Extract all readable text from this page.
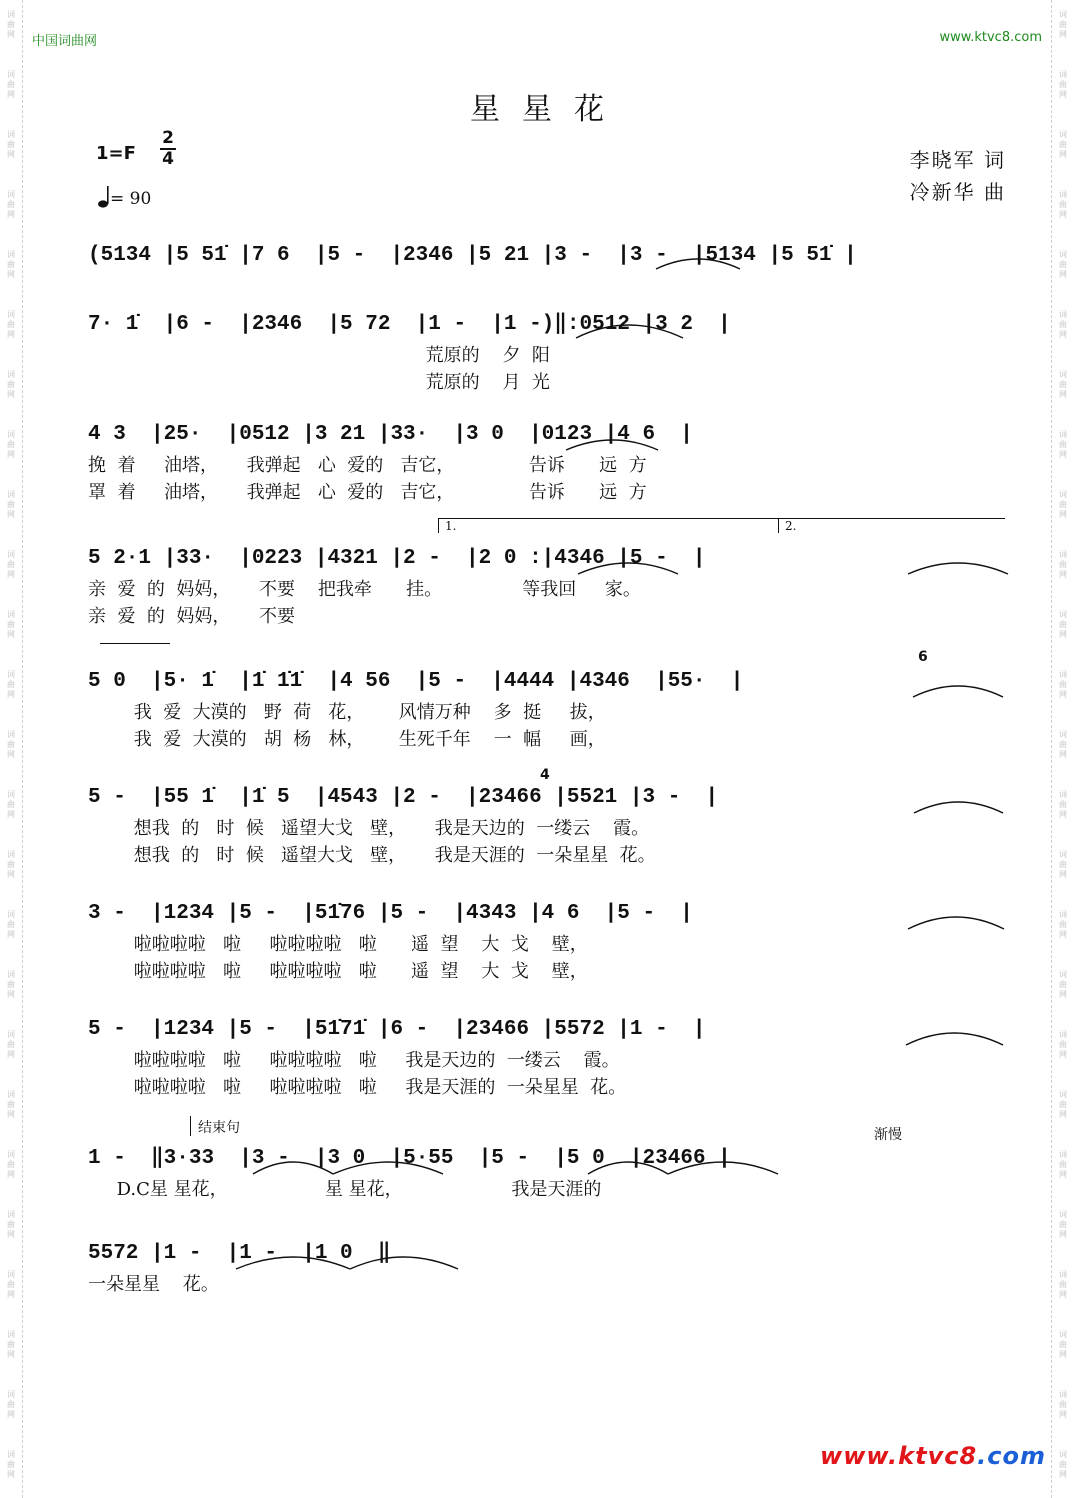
词
曲
网
词
曲
网
词
曲
网
词
曲
网
词
曲
网
词
曲
网
词
曲
网
词
曲
网
词
曲
网
词
曲
网
词
曲
网
词
曲
网
词
曲
网
词
曲
网
词
曲
网
词
曲
网
词
曲
网
词
曲
网
词
曲
网
词
曲
网
词
曲
网
词
曲
网
词
曲
网
词
曲
网
词
曲
网
词
曲
网
词
曲
网
词
曲
网
词
曲
网
词
曲
网
词
曲
网
词
曲
网
词
曲
网
词
曲
网
词
曲
网
词
曲
网
词
曲
网
词
曲
网
词
曲
网
词
曲
网
词
曲
网
词
曲
网
词
曲
网
词
曲
网
词
曲
网
词
曲
网
词
曲
网
词
曲
网
词
曲
网
词
曲
网
中国词曲网	www.ktvc8.com
星星花
1=F
2
4
= 90
李晓军 词
冷新华 曲
(5134 |5 51̇ |7 6  |5 -  |2346 |5 21 |3 -  |3 -  |5134 |5 51̇ |
7· 1̇  |6 -  |2346  |5 72  |1 -  |1 -)‖:0512 |3 2  |
荒原的    夕  阳
荒原的    月  光
4 3  |25·  |0512 |3 21 |33·  |3 0  |0123 |4 6  |
挽  着     油塔，     我弹起   心  爱的   吉它，             告诉      远  方
罩  着     油塔，     我弹起   心  爱的   吉它，             告诉      远  方
1.	2.
5 2·1 |33·  |0223 |4321 |2 -  |2 0 :|4346 |5 -  |
亲  爱  的  妈妈，     不要    把我牵      挂。              等我回     家。
亲  爱  的  妈妈，     不要
6
5 0  |5· 1̇  |1̇ 1̇1̇  |4 56  |5 -  |4444 |4346  |55·  |
我  爱  大漠的   野  荷   花，      风情万种    多  挺     拔，
我  爱  大漠的   胡  杨   林，      生死千年    一  幅     画，
4
5 -  |55 1̇  |1̇ 5  |4543 |2 -  |23466 |5521 |3 -  |
想我  的   时  候   遥望大戈   壁，     我是天边的  一缕云    霞。
想我  的   时  候   遥望大戈   壁，     我是天涯的  一朵星星  花。
3 -  |1234 |5 -  |51̇76 |5 -  |4343 |4 6  |5 -  |
啦啦啦啦   啦     啦啦啦啦   啦      遥  望    大  戈    壁，
啦啦啦啦   啦     啦啦啦啦   啦      遥  望    大  戈    壁，
5 -  |1234 |5 -  |51̇71̇ |6 -  |23466 |5572 |1 -  |
啦啦啦啦   啦     啦啦啦啦   啦     我是天边的  一缕云    霞。
啦啦啦啦   啦     啦啦啦啦   啦     我是天涯的  一朵星星  花。
结束句	渐慢
1 -  ‖3·33  |3 -  |3 0  |5·55  |5 -  |5 0  |23466 |
D.C星 星花，                 星 星花，                   我是天涯的
5572 |1 -  |1 -  |1 0  ‖
一朵星星    花。
www.ktvc8.com
